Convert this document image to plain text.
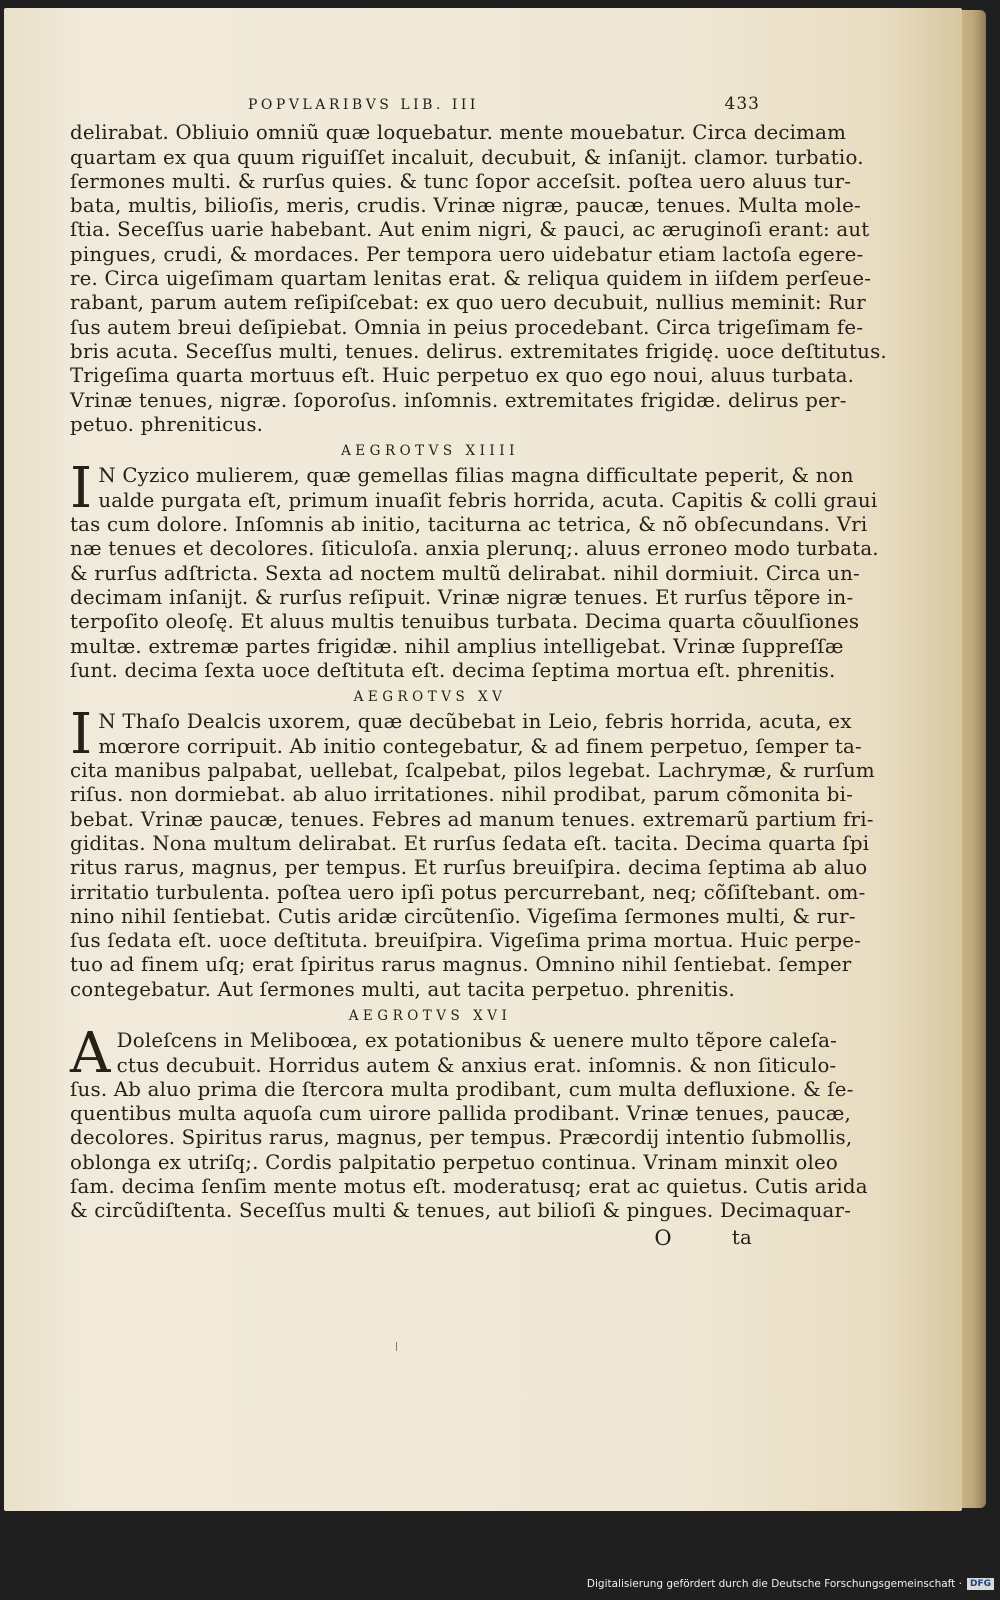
POPVLARIBVS LIB. III	433
delirabat. Obliuio omniũ quæ loquebatur. mente mouebatur. Circa decimam
quartam ex qua quum riguiſſet incaluit, decubuit, & inſanijt. clamor. turbatio.
ſermones multi. & rurſus quies. & tunc ſopor acceſsit. poſtea uero aluus tur-
bata, multis, bilioſis, meris, crudis. Vrinæ nigræ, paucæ, tenues. Multa mole-
ſtia. Seceſſus uarie habebant. Aut enim nigri, & pauci, ac æruginoſi erant: aut
pingues, crudi, & mordaces. Per tempora uero uidebatur etiam lactoſa egere-
re. Circa uigeſimam quartam lenitas erat. & reliqua quidem in iiſdem perſeue-
rabant, parum autem reſipiſcebat: ex quo uero decubuit, nullius meminit: Rur
ſus autem breui deſipiebat. Omnia in peius procedebant. Circa trigeſimam fe-
bris acuta. Seceſſus multi, tenues. delirus. extremitates frigidę. uoce deſtitutus.
Trigeſima quarta mortuus eſt. Huic perpetuo ex quo ego noui, aluus turbata.
Vrinæ tenues, nigræ. ſoporoſus. inſomnis. extremitates frigidæ. delirus per-
petuo. phreniticus.
AEGROTVS XIIII
I N Cyzico mulierem, quæ gemellas filias magna difficultate peperit, & non
ualde purgata eſt, primum inuaſit febris horrida, acuta. Capitis & colli graui
tas cum dolore. Inſomnis ab initio, taciturna ac tetrica, & nõ obſecundans. Vri
næ tenues et decolores. ſiticuloſa. anxia plerunq;. aluus erroneo modo turbata.
& rurſus adſtricta. Sexta ad noctem multũ delirabat. nihil dormiuit. Circa un-
decimam inſanijt. & rurſus reſipuit. Vrinæ nigræ tenues. Et rurſus tẽpore in-
terpoſito oleoſę. Et aluus multis tenuibus turbata. Decima quarta cõuulſiones
multæ. extremæ partes frigidæ. nihil amplius intelligebat. Vrinæ ſuppreſſæ
ſunt. decima ſexta uoce deſtituta eſt. decima ſeptima mortua eſt. phrenitis.
AEGROTVS XV
I N Thaſo Dealcis uxorem, quæ decũbebat in Leio, febris horrida, acuta, ex
mœrore corripuit. Ab initio contegebatur, & ad finem perpetuo, ſemper ta-
cita manibus palpabat, uellebat, ſcalpebat, pilos legebat. Lachrymæ, & rurſum
riſus. non dormiebat. ab aluo irritationes. nihil prodibat, parum cõmonita bi-
bebat. Vrinæ paucæ, tenues. Febres ad manum tenues. extremarũ partium fri-
giditas. Nona multum delirabat. Et rurſus ſedata eſt. tacita. Decima quarta ſpi
ritus rarus, magnus, per tempus. Et rurſus breuiſpira. decima ſeptima ab aluo
irritatio turbulenta. poſtea uero ipſi potus percurrebant, neq; cõſiſtebant. om-
nino nihil ſentiebat. Cutis aridæ circũtenſio. Vigeſima ſermones multi, & rur-
ſus ſedata eſt. uoce deſtituta. breuiſpira. Vigeſima prima mortua. Huic perpe-
tuo ad finem uſq; erat ſpiritus rarus magnus. Omnino nihil ſentiebat. ſemper
contegebatur. Aut ſermones multi, aut tacita perpetuo. phrenitis.
AEGROTVS XVI
A Doleſcens in Meliboœa, ex potationibus & uenere multo tẽpore caleſa-
ctus decubuit. Horridus autem & anxius erat. inſomnis. & non ſiticulo-
ſus. Ab aluo prima die ſtercora multa prodibant, cum multa defluxione. & ſe-
quentibus multa aquoſa cum uirore pallida prodibant. Vrinæ tenues, paucæ,
decolores. Spiritus rarus, magnus, per tempus. Præcordij intentio ſubmollis,
oblonga ex utriſq;. Cordis palpitatio perpetuo continua. Vrinam minxit oleo
ſam. decima ſenſim mente motus eſt. moderatusq; erat ac quietus. Cutis arida
& circũdiſtenta. Seceſſus multi & tenues, aut bilioſi & pingues. Decimaquar-
O	ta
Digitalisierung gefördert durch die Deutsche Forschungsgemeinschaft · DFG
